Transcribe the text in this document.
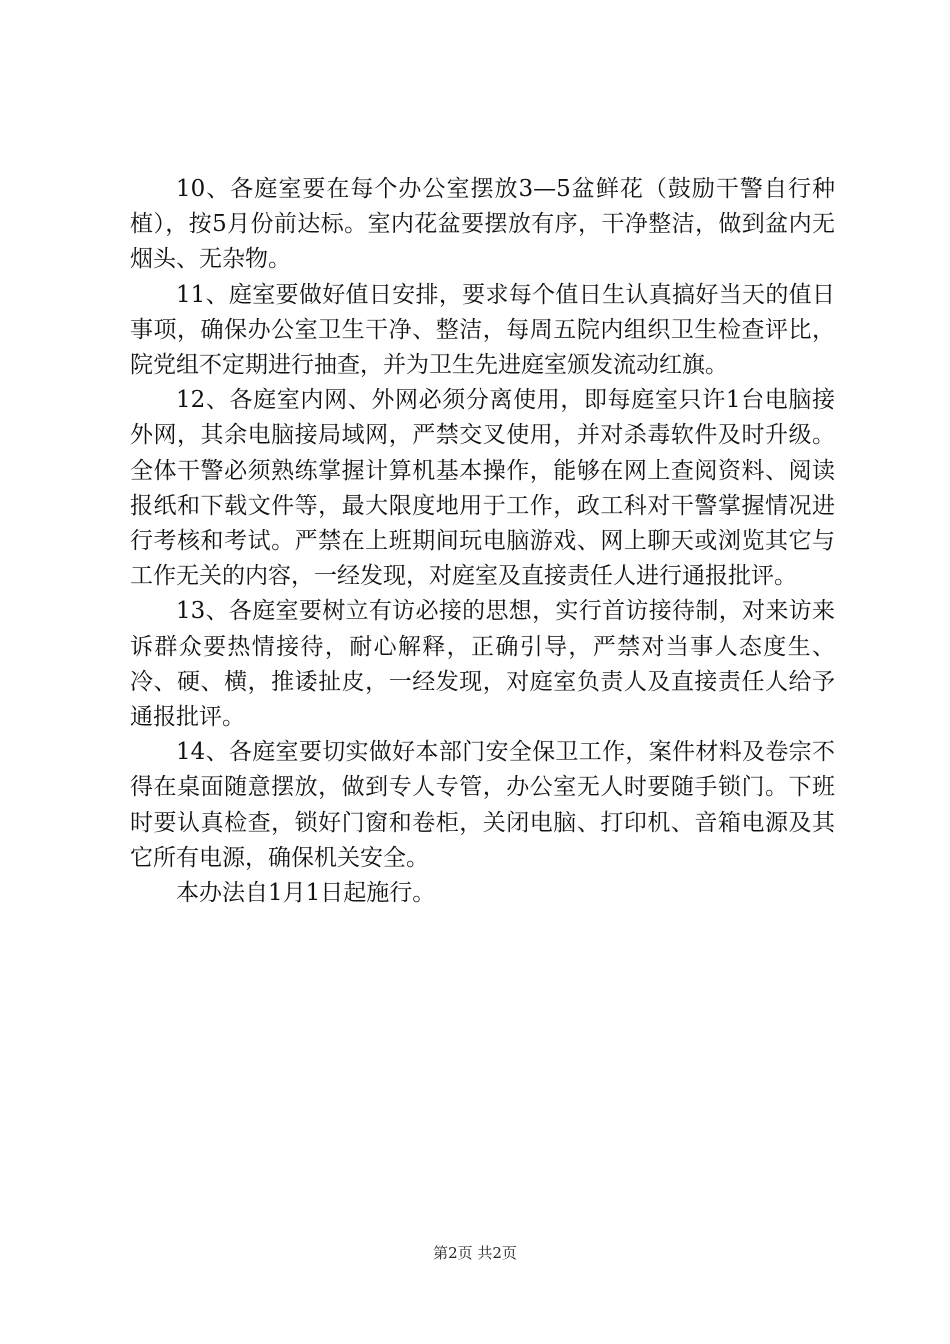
10、各庭室要在每个办公室摆放3—5盆鲜花（鼓励干警自行种植），按5月份前达标。室内花盆要摆放有序，干净整洁，做到盆内无烟头、无杂物。

11、庭室要做好值日安排，要求每个值日生认真搞好当天的值日事项，确保办公室卫生干净、整洁，每周五院内组织卫生检查评比，院党组不定期进行抽查，并为卫生先进庭室颁发流动红旗。

12、各庭室内网、外网必须分离使用，即每庭室只许1台电脑接外网，其余电脑接局域网，严禁交叉使用，并对杀毒软件及时升级。全体干警必须熟练掌握计算机基本操作，能够在网上查阅资料、阅读报纸和下载文件等，最大限度地用于工作，政工科对干警掌握情况进行考核和考试。严禁在上班期间玩电脑游戏、网上聊天或浏览其它与工作无关的内容，一经发现，对庭室及直接责任人进行通报批评。

13、各庭室要树立有访必接的思想，实行首访接待制，对来访来诉群众要热情接待，耐心解释，正确引导，严禁对当事人态度生、冷、硬、横，推诿扯皮，一经发现，对庭室负责人及直接责任人给予通报批评。

14、各庭室要切实做好本部门安全保卫工作，案件材料及卷宗不得在桌面随意摆放，做到专人专管，办公室无人时要随手锁门。下班时要认真检查，锁好门窗和卷柜，关闭电脑、打印机、音箱电源及其它所有电源，确保机关安全。

本办法自1月1日起施行。

第2页 共2页
